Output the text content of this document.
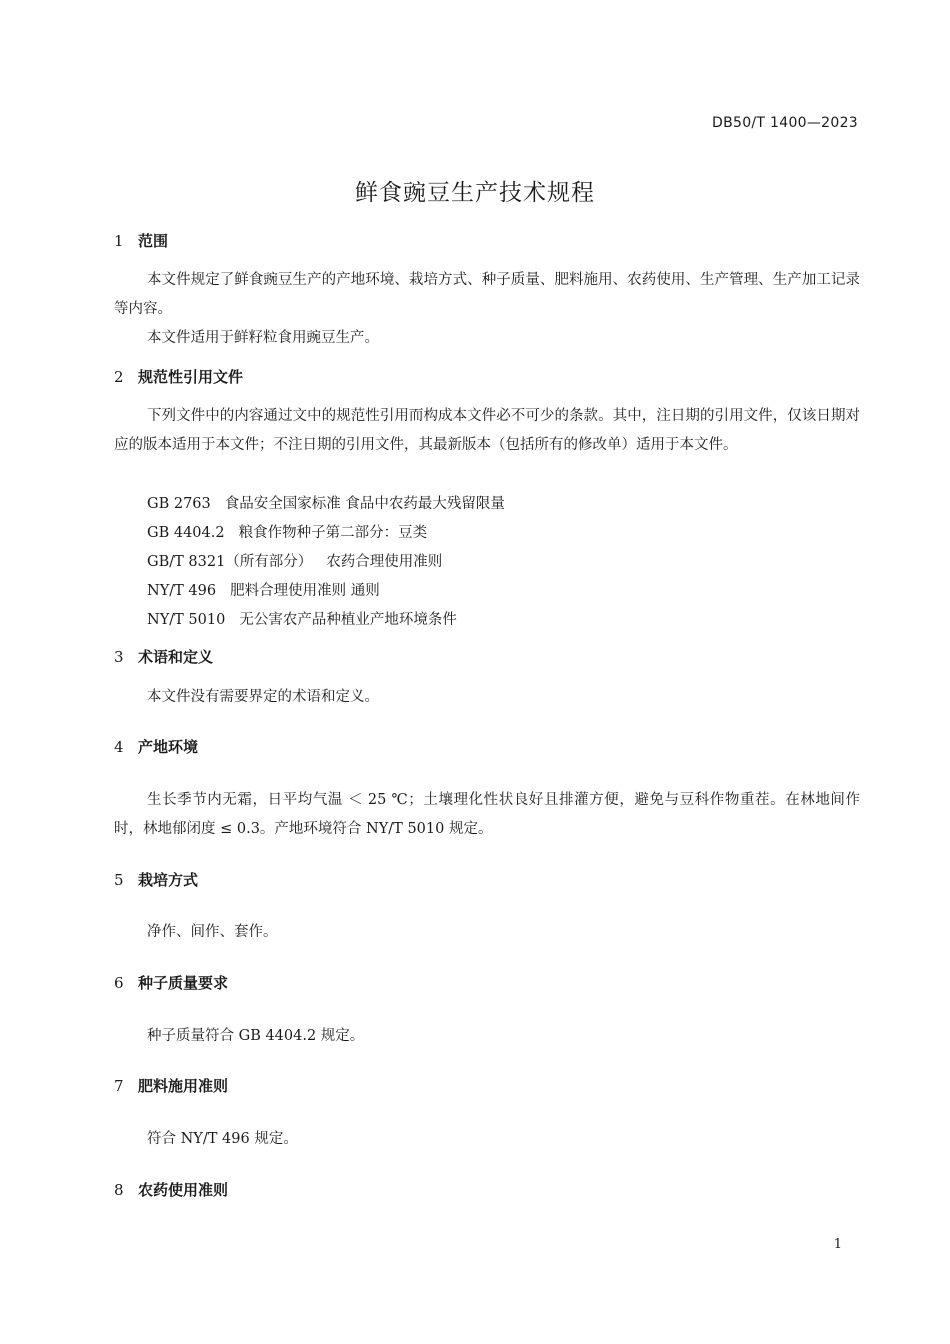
DB50/T 1400—2023
鲜食豌豆生产技术规程
1 范围
本文件规定了鲜食豌豆生产的产地环境、栽培方式、种子质量、肥料施用、农药使用、生产管理、生产加工记录等内容。
本文件适用于鲜籽粒食用豌豆生产。
2 规范性引用文件
下列文件中的内容通过文中的规范性引用而构成本文件必不可少的条款。其中，注日期的引用文件，仅该日期对应的版本适用于本文件；不注日期的引用文件，其最新版本（包括所有的修改单）适用于本文件。
GB 2763 食品安全国家标准 食品中农药最大残留限量
GB 4404.2 粮食作物种子第二部分：豆类
GB/T 8321（所有部分） 农药合理使用准则
NY/T 496 肥料合理使用准则 通则
NY/T 5010 无公害农产品种植业产地环境条件
3 术语和定义
本文件没有需要界定的术语和定义。
4 产地环境
生长季节内无霜，日平均气温 ＜ 25 ℃；土壤理化性状良好且排灌方便，避免与豆科作物重茬。在林地间作时，林地郁闭度 ≤ 0.3。产地环境符合 NY/T 5010 规定。
5 栽培方式
净作、间作、套作。
6 种子质量要求
种子质量符合 GB 4404.2 规定。
7 肥料施用准则
符合 NY/T 496 规定。
8 农药使用准则
1
